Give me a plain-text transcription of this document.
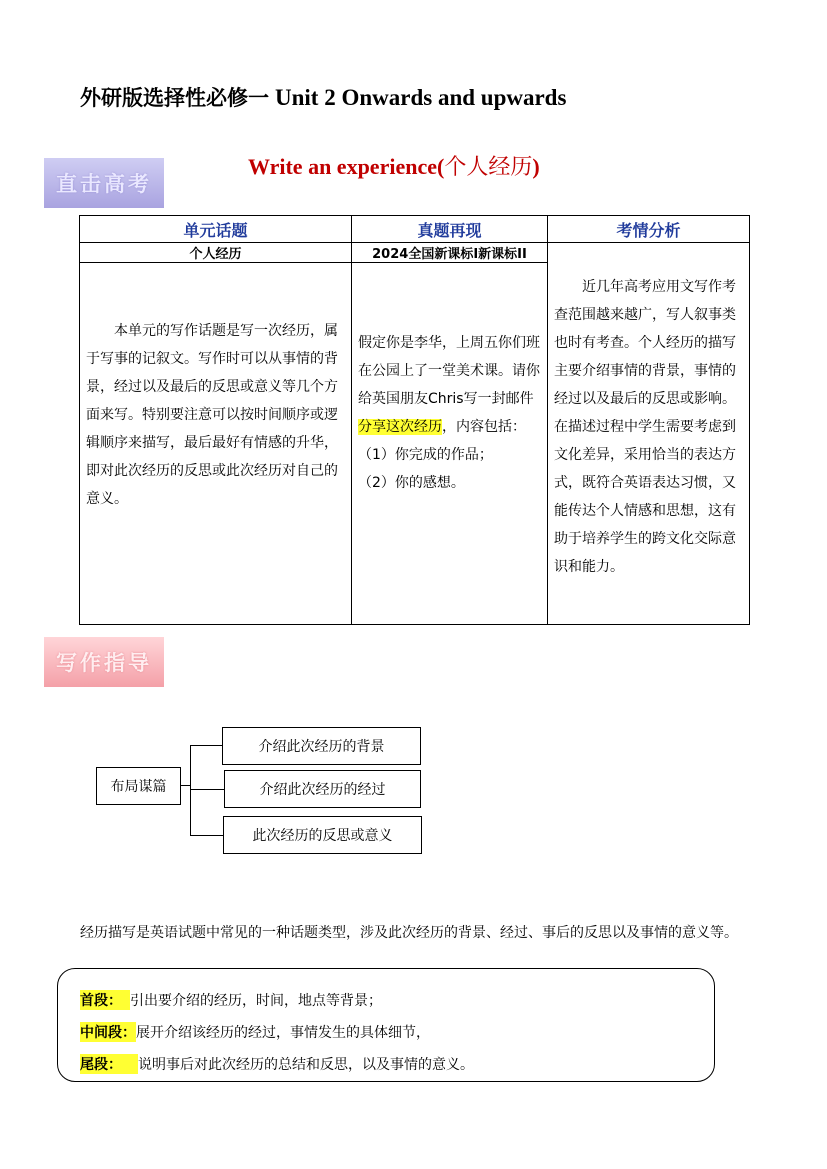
外研版选择性必修一 Unit 2 Onwards and upwards
直击高考
Write an experience(个人经历)
单元话题	真题再现	考情分析
个人经历	2024全国新课标I新课标II	近几年高考应用文写作考查范围越来越广，写人叙事类也时有考查。个人经历的描写主要介绍事情的背景，事情的经过以及最后的反思或影响。在描述过程中学生需要考虑到文化差异，采用恰当的表达方式，既符合英语表达习惯，又能传达个人情感和思想，这有助于培养学生的跨文化交际意识和能力。

本单元的写作话题是写一次经历，属于写事的记叙文。写作时可以从事情的背景，经过以及最后的反思或意义等几个方面来写。特别要注意可以按时间顺序或逻辑顺序来描写，最后最好有情感的升华，即对此次经历的反思或此次经历对自己的意义。	假定你是李华，上周五你们班在公园上了一堂美术课。请你给英国朋友Chris写一封邮件分享这次经历，内容包括：
（1）你完成的作品；
（2）你的感想。	
写作指导
布局谋篇
介绍此次经历的背景
介绍此次经历的经过
此次经历的反思或意义
经历描写是英语试题中常见的一种话题类型，涉及此次经历的背景、经过、事后的反思以及事情的意义等。
首段： 引出要介绍的经历，时间，地点等背景；
中间段：展开介绍该经历的经过，事情发生的具体细节，
尾段： 说明事后对此次经历的总结和反思，以及事情的意义。
